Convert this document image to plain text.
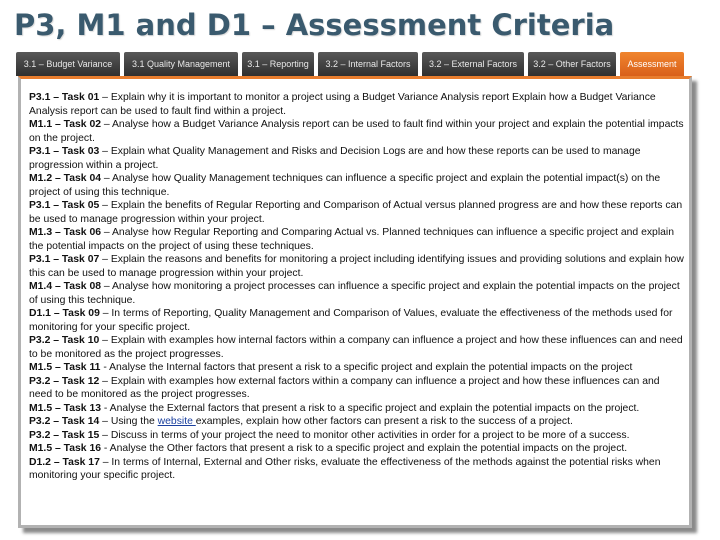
P3, M1 and D1 – Assessment Criteria
3.1 – Budget Variance	3.1 Quality Management	3.1 – Reporting	3.2 – Internal Factors	3.2 – External Factors	3.2 – Other Factors	Assessment

P3.1 – Task 01 – Explain why it is important to monitor a project using a Budget Variance Analysis report Explain how a Budget Variance Analysis report can be used to fault find within a project.

M1.1 – Task 02 – Analyse how a Budget Variance Analysis report can be used to fault find within your project and explain the potential impacts on the project.

P3.1 – Task 03 – Explain what Quality Management and Risks and Decision Logs are and how these reports can be used to manage progression within a project.

M1.2 – Task 04 – Analyse how Quality Management techniques can influence a specific project and explain the potential impact(s) on the project of using this technique.

P3.1 – Task 05 – Explain the benefits of Regular Reporting and Comparison of Actual versus planned progress are and how these reports can be used to manage progression within your project.

M1.3 – Task 06 – Analyse how Regular Reporting and Comparing Actual vs. Planned techniques can influence a specific project and explain the potential impacts on the project of using these techniques.

P3.1 – Task 07 – Explain the reasons and benefits for monitoring a project including identifying issues and providing solutions and explain how this can be used to manage progression within your project.

M1.4 – Task 08 – Analyse how monitoring a project processes can influence a specific project and explain the potential impacts on the project of using this technique.

D1.1 – Task 09 – In terms of Reporting, Quality Management and Comparison of Values, evaluate the effectiveness of the methods used for monitoring for your specific project.

P3.2 – Task 10 – Explain with examples how internal factors within a company can influence a project and how these influences can and need to be monitored as the project progresses.

M1.5 – Task 11 - Analyse the Internal factors that present a risk to a specific project and explain the potential impacts on the project

P3.2 – Task 12 – Explain with examples how external factors within a company can influence a project and how these influences can and need to be monitored as the project progresses.

M1.5 – Task 13 - Analyse the External factors that present a risk to a specific project and explain the potential impacts on the project.

P3.2 – Task 14 – Using the website examples, explain how other factors can present a risk to the success of a project.

P3.2 – Task 15 – Discuss in terms of your project the need to monitor other activities in order for a project to be more of a success.

M1.5 – Task 16 - Analyse the Other factors that present a risk to a specific project and explain the potential impacts on the project.

D1.2 – Task 17 – In terms of Internal, External and Other risks, evaluate the effectiveness of the methods against the potential risks when monitoring your specific project.
